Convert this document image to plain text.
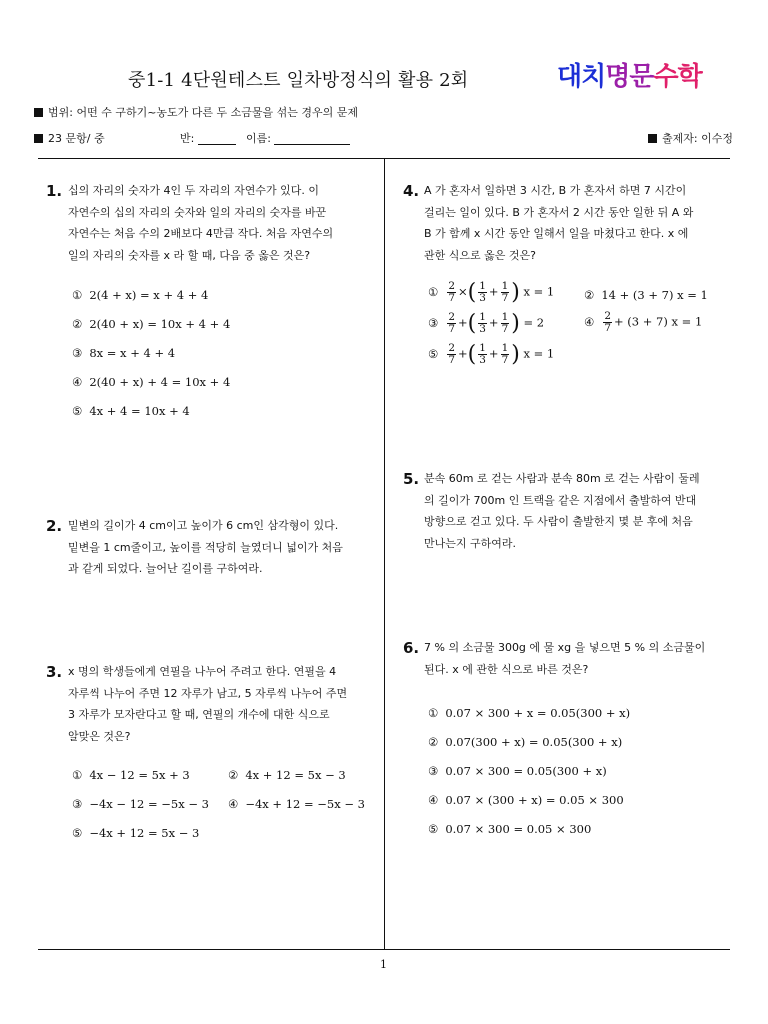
중1-1 4단원테스트 일차방정식의 활용 2회	대치명문수학
범위: 어떤 수 구하기~농도가 다른 두 소금물을 섞는 경우의 문제
23 문항/ 중	반:	이름:	출제자: 이수정
1. 십의 자리의 숫자가 4인 두 자리의 자연수가 있다. 이
자연수의 십의 자리의 숫자와 일의 자리의 숫자를 바꾼
자연수는 처음 수의 2배보다 4만큼 작다. 처음 자연수의
일의 자리의 숫자를 x 라 할 때, 다음 중 옳은 것은?
① 2(4 + x) = x + 4 + 4
② 2(40 + x) = 10x + 4 + 4
③ 8x = x + 4 + 4
④ 2(40 + x) + 4 = 10x + 4
⑤ 4x + 4 = 10x + 4
2. 밑변의 길이가 4 cm이고 높이가 6 cm인 삼각형이 있다.
밑변을 1 cm줄이고, 높이를 적당히 늘였더니 넓이가 처음
과 같게 되었다. 늘어난 길이를 구하여라.
3. x 명의 학생들에게 연필을 나누어 주려고 한다. 연필을 4
자루씩 나누어 주면 12 자루가 남고, 5 자루씩 나누어 주면
3 자루가 모자란다고 할 때, 연필의 개수에 대한 식으로
알맞은 것은?
① 4x − 12 = 5x + 3	② 4x + 12 = 5x − 3
③ −4x − 12 = −5x − 3 ④ −4x + 12 = −5x − 3
⑤ −4x + 12 = 5x − 3
4. A 가 혼자서 일하면 3 시간, B 가 혼자서 하면 7 시간이
걸리는 일이 있다. B 가 혼자서 2 시간 동안 일한 뒤 A 와
B 가 함께 x 시간 동안 일해서 일을 마쳤다고 한다. x 에
관한 식으로 옳은 것은?
① $\frac{2}{7}$ ×( $\frac{1}{3} + \frac{1}{7}$ ) x = 1	② 14 + (3 + 7) x = 1
③ $\frac{2}{7}$ +( $\frac{1}{3} + \frac{1}{7}$ ) = 2	④ $\frac{2}{7} + (3 + 7) x = 1$
⑤ $\frac{2}{7}$ +( $\frac{1}{3} + \frac{1}{7}$ ) x = 1
5. 분속 60m 로 걷는 사람과 분속 80m 로 걷는 사람이 둘레
의 길이가 700m 인 트랙을 같은 지점에서 출발하여 반대
방향으로 걷고 있다. 두 사람이 출발한지 몇 분 후에 처음
만나는지 구하여라.
6. 7 % 의 소금물 300g 에 물 xg 을 넣으면 5 % 의 소금물이
된다. x 에 관한 식으로 바른 것은?
① 0.07 × 300 + x = 0.05(300 + x)
② 0.07(300 + x) = 0.05(300 + x)
③ 0.07 × 300 = 0.05(300 + x)
④ 0.07 × (300 + x) = 0.05 × 300
⑤ 0.07 × 300 = 0.05 × 300
1
